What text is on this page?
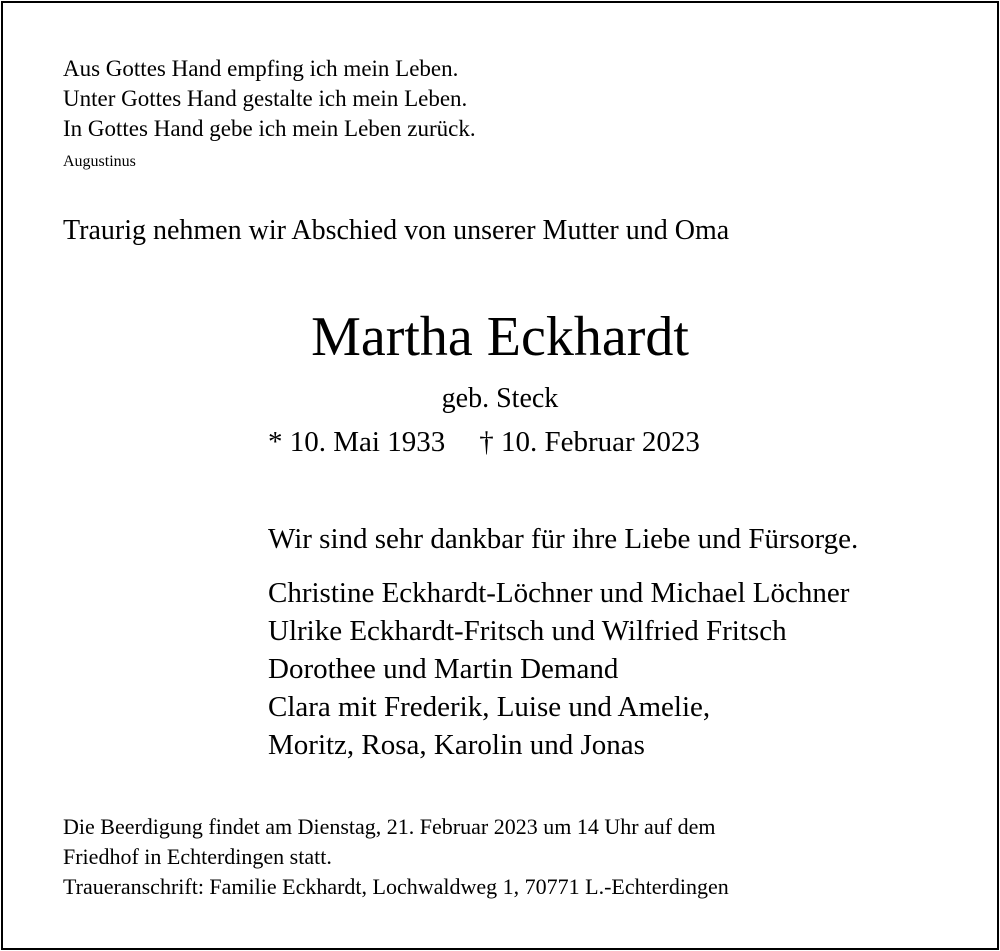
Aus Gottes Hand empfing ich mein Leben.
Unter Gottes Hand gestalte ich mein Leben.
In Gottes Hand gebe ich mein Leben zurück.
Augustinus
Traurig nehmen wir Abschied von unserer Mutter und Oma
Martha Eckhardt
geb. Steck
* 10. Mai 1933 † 10. Februar 2023
Wir sind sehr dankbar für ihre Liebe und Fürsorge.
Christine Eckhardt-Löchner und Michael Löchner
Ulrike Eckhardt-Fritsch und Wilfried Fritsch
Dorothee und Martin Demand
Clara mit Frederik, Luise und Amelie,
Moritz, Rosa, Karolin und Jonas
Die Beerdigung findet am Dienstag, 21. Februar 2023 um 14 Uhr auf dem
Friedhof in Echterdingen statt.
Traueranschrift: Familie Eckhardt, Lochwaldweg 1, 70771 L.-Echterdingen
